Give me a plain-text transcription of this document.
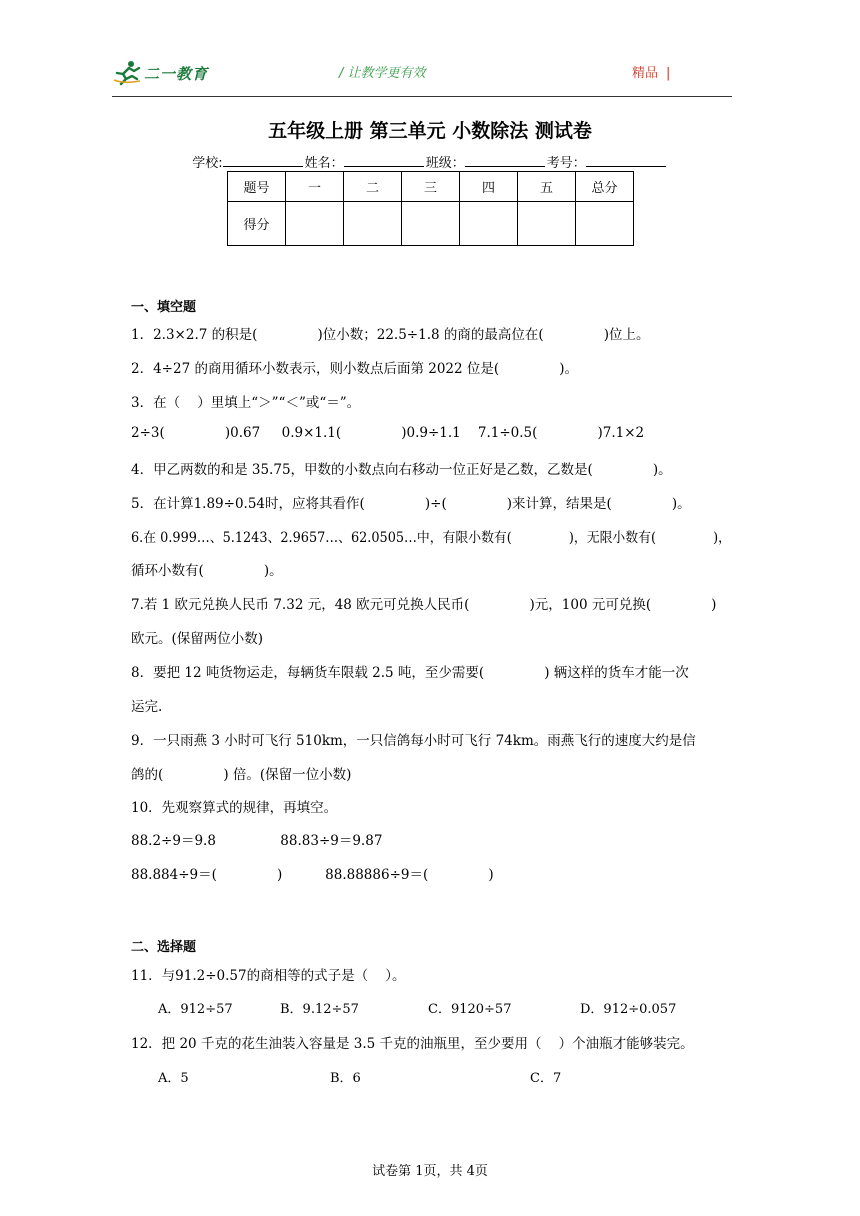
二一教育	/ 让教学更有效	精品 |
五年级上册 第三单元 小数除法 测试卷
学校:	姓名：	班级：	考号：
题号	一	二	三	四	五	总分
得分						
一、填空题
1．2.3×2.7 的积是(              )位小数；22.5÷1.8 的商的最高位在(              )位上。
2．4÷27 的商用循环小数表示，则小数点后面第 2022 位是(              )。
3．在（    ）里填上“＞”“＜”或“＝”。
2÷3(              )0.67     0.9×1.1(              )0.9÷1.1    7.1÷0.5(              )7.1×2
4．甲乙两数的和是 35.75，甲数的小数点向右移动一位正好是乙数，乙数是(              )。
5．在计算1.89÷0.54时，应将其看作(              )÷(              )来计算，结果是(              )。
6.在 0.999…、5.1243、2.9657…、62.0505…中，有限小数有(              )，无限小数有(              )，
循环小数有(              )。
7.若 1 欧元兑换人民币 7.32 元，48 欧元可兑换人民币(              )元，100 元可兑换(              )
欧元。(保留两位小数)
8．要把 12 吨货物运走，每辆货车限载 2.5 吨，至少需要(              ) 辆这样的货车才能一次
运完.
9．一只雨燕 3 小时可飞行 510km，一只信鸽每小时可飞行 74km。雨燕飞行的速度大约是信
鸽的(              ) 倍。(保留一位小数)
10．先观察算式的规律，再填空。
88.2÷9＝9.8               88.83÷9＝9.87
88.884÷9＝(              )          88.88886÷9＝(              )
二、选择题
11．与91.2÷0.57的商相等的式子是（    ）。
A．912÷57	B．9.12÷57	C．9120÷57	D．912÷0.057
12．把 20 千克的花生油装入容量是 3.5 千克的油瓶里，至少要用（    ）个油瓶才能够装完。
A．5	B．6	C．7
试卷第 1页，共 4页
